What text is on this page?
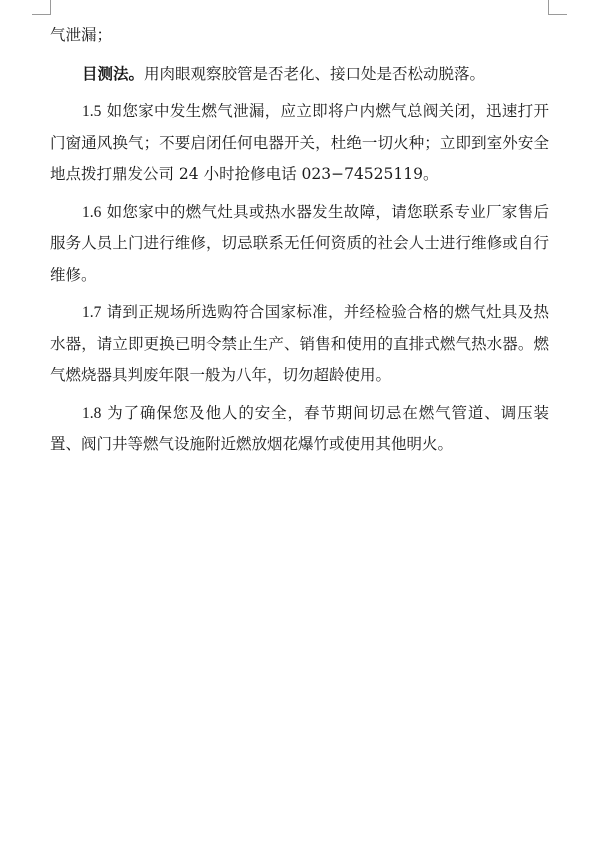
气泄漏；

目测法。用肉眼观察胶管是否老化、接口处是否松动脱落。

1.5 如您家中发生燃气泄漏，应立即将户内燃气总阀关闭，迅速打开门窗通风换气；不要启闭任何电器开关，杜绝一切火种；立即到室外安全地点拨打鼎发公司 24 小时抢修电话 023−74525119。

1.6 如您家中的燃气灶具或热水器发生故障，请您联系专业厂家售后服务人员上门进行维修，切忌联系无任何资质的社会人士进行维修或自行维修。

1.7 请到正规场所选购符合国家标准，并经检验合格的燃气灶具及热水器，请立即更换已明令禁止生产、销售和使用的直排式燃气热水器。燃气燃烧器具判废年限一般为八年，切勿超龄使用。

1.8 为了确保您及他人的安全，春节期间切忌在燃气管道、调压装置、阀门井等燃气设施附近燃放烟花爆竹或使用其他明火。
